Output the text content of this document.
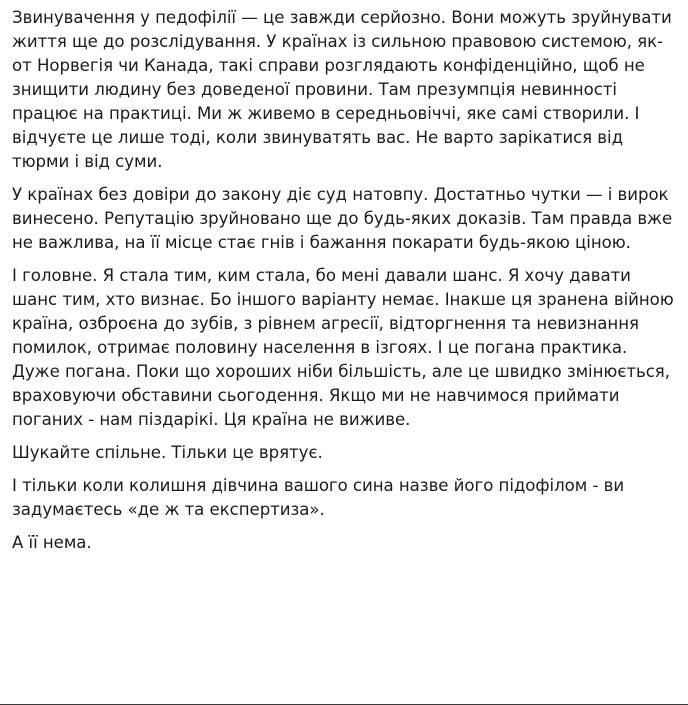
Звинувачення у педофілії — це завжди серйозно. Вони можуть зруйнувати життя ще до розслідування. У країнах із сильною правовою системою, як-от Норвегія чи Канада, такі справи розглядають конфіденційно, щоб не знищити людину без доведеної провини. Там презумпція невинності працює на практиці. Ми ж живемо в середньовіччі, яке самі створили. І відчуєте це лише тоді, коли звинуватять вас. Не варто зарікатися від тюрми і від суми.

У країнах без довіри до закону діє суд натовпу. Достатньо чутки — і вирок винесено. Репутацію зруйновано ще до будь-яких доказів. Там правда вже не важлива, на її місце стає гнів і бажання покарати будь-якою ціною.

І головне. Я стала тим, ким стала, бо мені давали шанс. Я хочу давати шанс тим, хто визнає. Бо іншого варіанту немає. Інакше ця зранена війною країна, озброєна до зубів, з рівнем агресії, відторгнення та невизнання помилок, отримає половину населення в ізгоях. І це погана практика. Дуже погана. Поки що хороших ніби більшість, але це швидко змінюється, враховуючи обставини сьогодення. Якщо ми не навчимося приймати поганих - нам піздарікі. Ця країна не виживе.

Шукайте спільне. Тільки це врятує.

І тільки коли колишня дівчина вашого сина назве його підофілом - ви задумаєтесь «де ж та експертиза».

А її нема.
